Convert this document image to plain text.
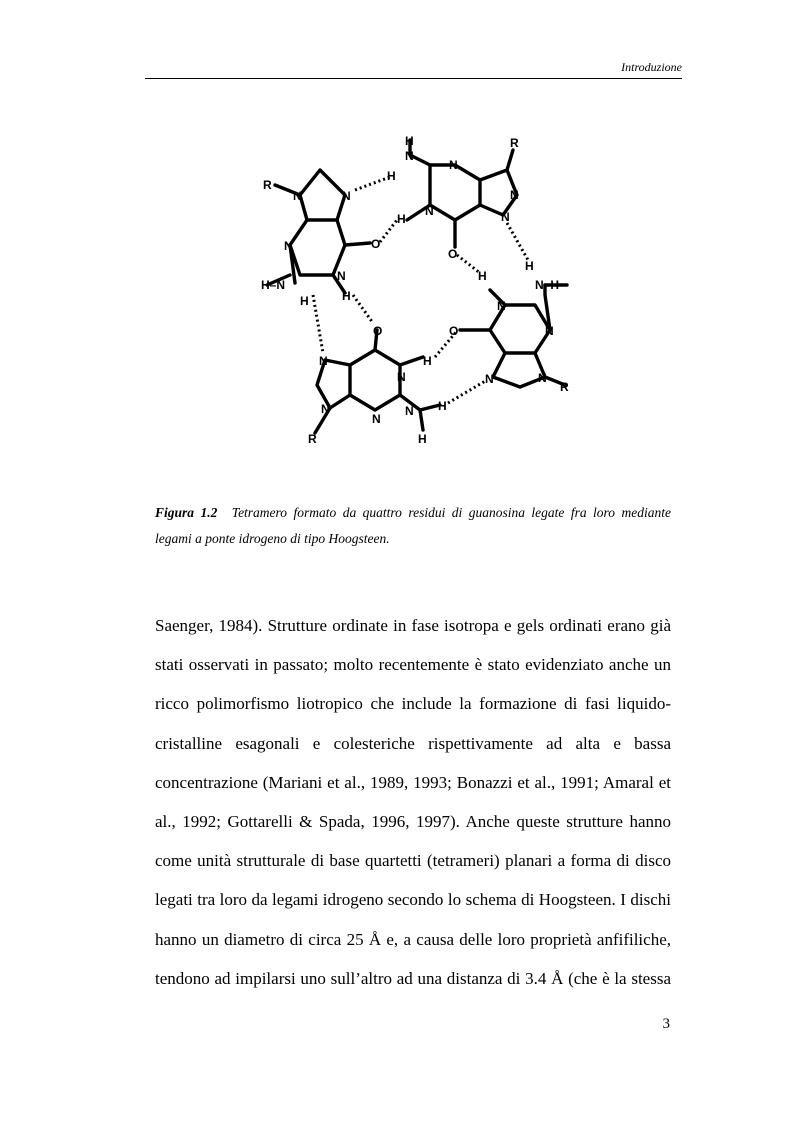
Introduzione
R
N	N
N
N
O
H–N
H	H
H
N
H
H
N
N
O
R
N
N
H
N–H
H
N
N
O
N	N
R
O
H
N
N
N
N
N H
H
R
Figura 1.2 Tetramero formato da quattro residui di guanosina legate fra loro mediante legami a ponte idrogeno di tipo Hoogsteen.
Saenger, 1984). Strutture ordinate in fase isotropa e gels ordinati erano già
stati osservati in passato; molto recentemente è stato evidenziato anche un
ricco polimorfismo liotropico che include la formazione di fasi liquido-
cristalline esagonali e colesteriche rispettivamente ad alta e bassa
concentrazione (Mariani et al., 1989, 1993; Bonazzi et al., 1991; Amaral et
al., 1992; Gottarelli & Spada, 1996, 1997). Anche queste strutture hanno
come unità strutturale di base quartetti (tetrameri) planari a forma di disco
legati tra loro da legami idrogeno secondo lo schema di Hoogsteen. I dischi
hanno un diametro di circa 25 Å e, a causa delle loro proprietà anfifiliche,
tendono ad impilarsi uno sull’altro ad una distanza di 3.4 Å (che è la stessa
3
